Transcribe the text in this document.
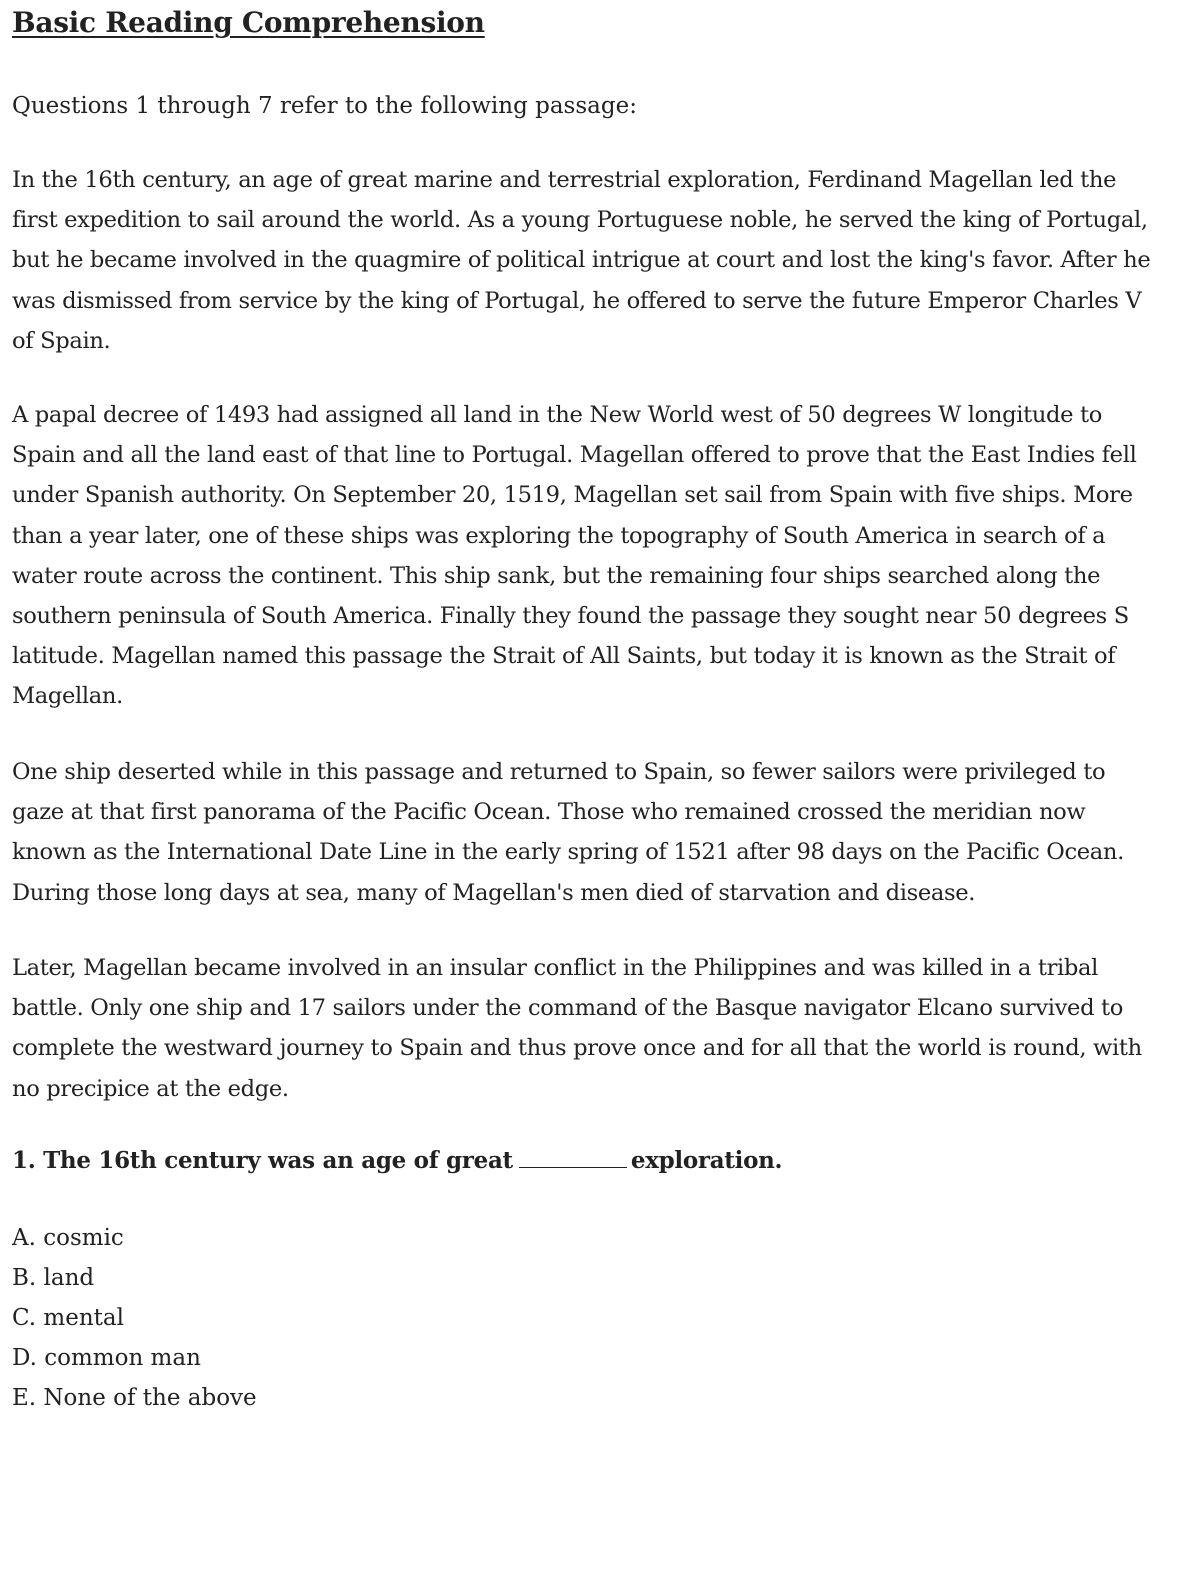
Basic Reading Comprehension

Questions 1 through 7 refer to the following passage:

In the 16th century, an age of great marine and terrestrial exploration, Ferdinand Magellan led the first expedition to sail around the world. As a young Portuguese noble, he served the king of Portugal, but he became involved in the quagmire of political intrigue at court and lost the king's favor. After he was dismissed from service by the king of Portugal, he offered to serve the future Emperor Charles V of Spain.

A papal decree of 1493 had assigned all land in the New World west of 50 degrees W longitude to Spain and all the land east of that line to Portugal. Magellan offered to prove that the East Indies fell under Spanish authority. On September 20, 1519, Magellan set sail from Spain with five ships. More than a year later, one of these ships was exploring the topography of South America in search of a water route across the continent. This ship sank, but the remaining four ships searched along the southern peninsula of South America. Finally they found the passage they sought near 50 degrees S latitude. Magellan named this passage the Strait of All Saints, but today it is known as the Strait of Magellan.

One ship deserted while in this passage and returned to Spain, so fewer sailors were privileged to gaze at that first panorama of the Pacific Ocean. Those who remained crossed the meridian now known as the International Date Line in the early spring of 1521 after 98 days on the Pacific Ocean. During those long days at sea, many of Magellan's men died of starvation and disease.

Later, Magellan became involved in an insular conflict in the Philippines and was killed in a tribal battle. Only one ship and 17 sailors under the command of the Basque navigator Elcano survived to complete the westward journey to Spain and thus prove once and for all that the world is round, with no precipice at the edge.

1. The 16th century was an age of great	exploration.

A. cosmic
B. land
C. mental
D. common man
E. None of the above
